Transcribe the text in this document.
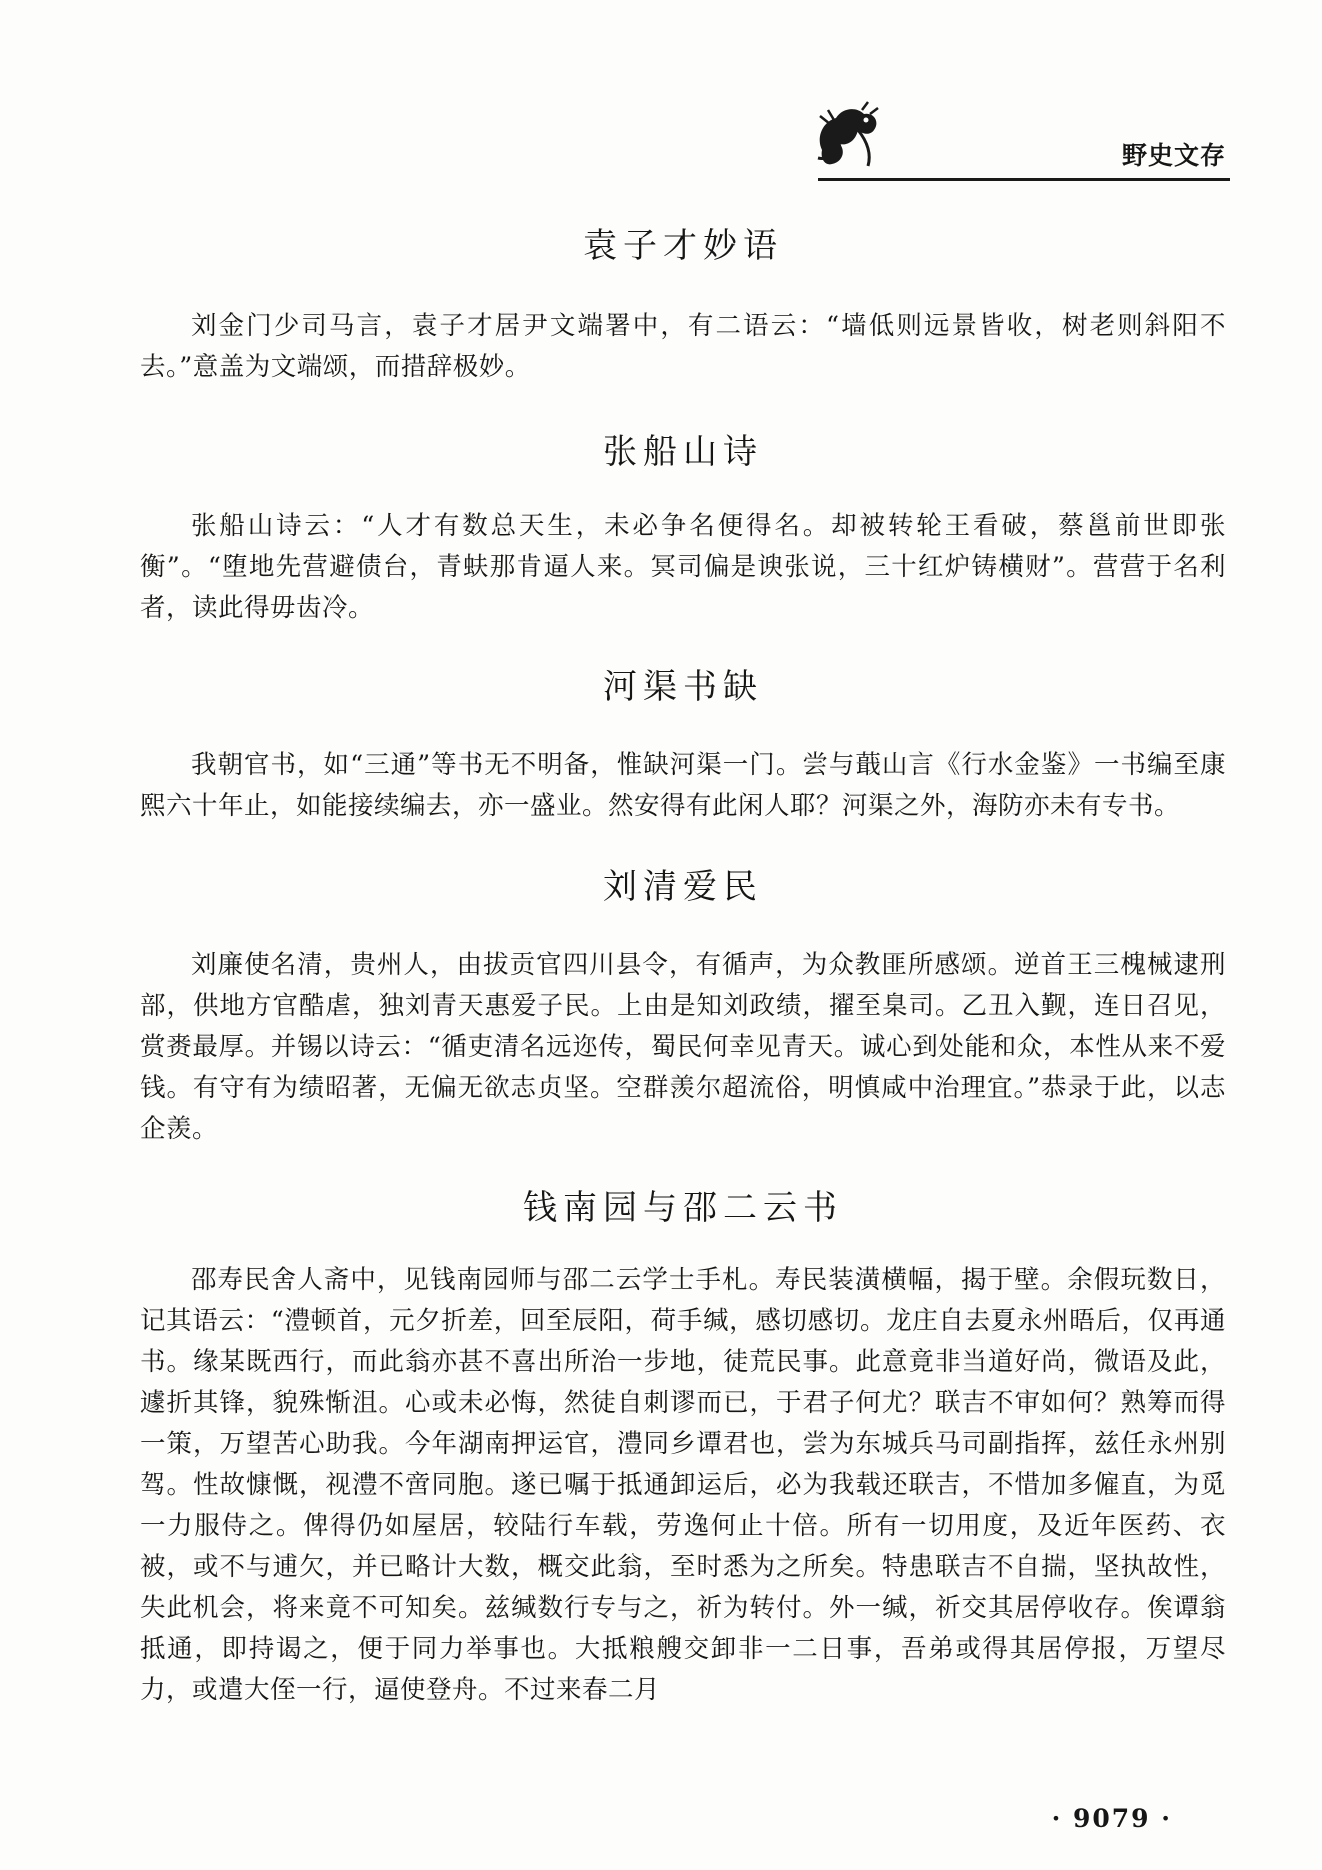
野史文存
袁子才妙语

刘金门少司马言，袁子才居尹文端署中，有二语云：“墙低则远景皆收，树老则斜阳不去。”意盖为文端颂，而措辞极妙。

张船山诗

张船山诗云：“人才有数总天生，未必争名便得名。却被转轮王看破，蔡邕前世即张衡”。“堕地先营避债台，青蚨那肯逼人来。冥司偏是谀张说，三十红炉铸横财”。营营于名利者，读此得毋齿冷。

河渠书缺

我朝官书，如“三通”等书无不明备，惟缺河渠一门。尝与蕺山言《行水金鉴》一书编至康熙六十年止，如能接续编去，亦一盛业。然安得有此闲人耶？河渠之外，海防亦未有专书。

刘清爱民

刘廉使名清，贵州人，由拔贡官四川县令，有循声，为众教匪所感颂。逆首王三槐械逮刑部，供地方官酷虐，独刘青天惠爱子民。上由是知刘政绩，擢至臬司。乙丑入觐，连日召见，赏赉最厚。并锡以诗云：“循吏清名远迩传，蜀民何幸见青天。诚心到处能和众，本性从来不爱钱。有守有为绩昭著，无偏无欲志贞坚。空群羡尔超流俗，明慎咸中治理宜。”恭录于此，以志企羡。

钱南园与邵二云书

邵寿民舍人斋中，见钱南园师与邵二云学士手札。寿民装潢横幅，揭于壁。余假玩数日，记其语云：“澧顿首，元夕折差，回至辰阳，荷手缄，感切感切。龙庄自去夏永州晤后，仅再通书。缘某既西行，而此翁亦甚不喜出所治一步地，徒荒民事。此意竟非当道好尚，微语及此，遽折其锋，貌殊惭沮。心或未必悔，然徒自刺谬而已，于君子何尤？联吉不审如何？熟筹而得一策，万望苦心助我。今年湖南押运官，澧同乡谭君也，尝为东城兵马司副指挥，兹任永州别驾。性故慷慨，视澧不啻同胞。遂已嘱于抵通卸运后，必为我载还联吉，不惜加多僱直，为觅一力服侍之。俾得仍如屋居，较陆行车载，劳逸何止十倍。所有一切用度，及近年医药、衣被，或不与逋欠，并已略计大数，概交此翁，至时悉为之所矣。特患联吉不自揣，坚执故性，失此机会，将来竟不可知矣。兹缄数行专与之，祈为转付。外一缄，祈交其居停收存。俟谭翁抵通，即持谒之，便于同力举事也。大抵粮艘交卸非一二日事，吾弟或得其居停报，万望尽力，或遣大侄一行，逼使登舟。不过来春二月

· 9079 ·
